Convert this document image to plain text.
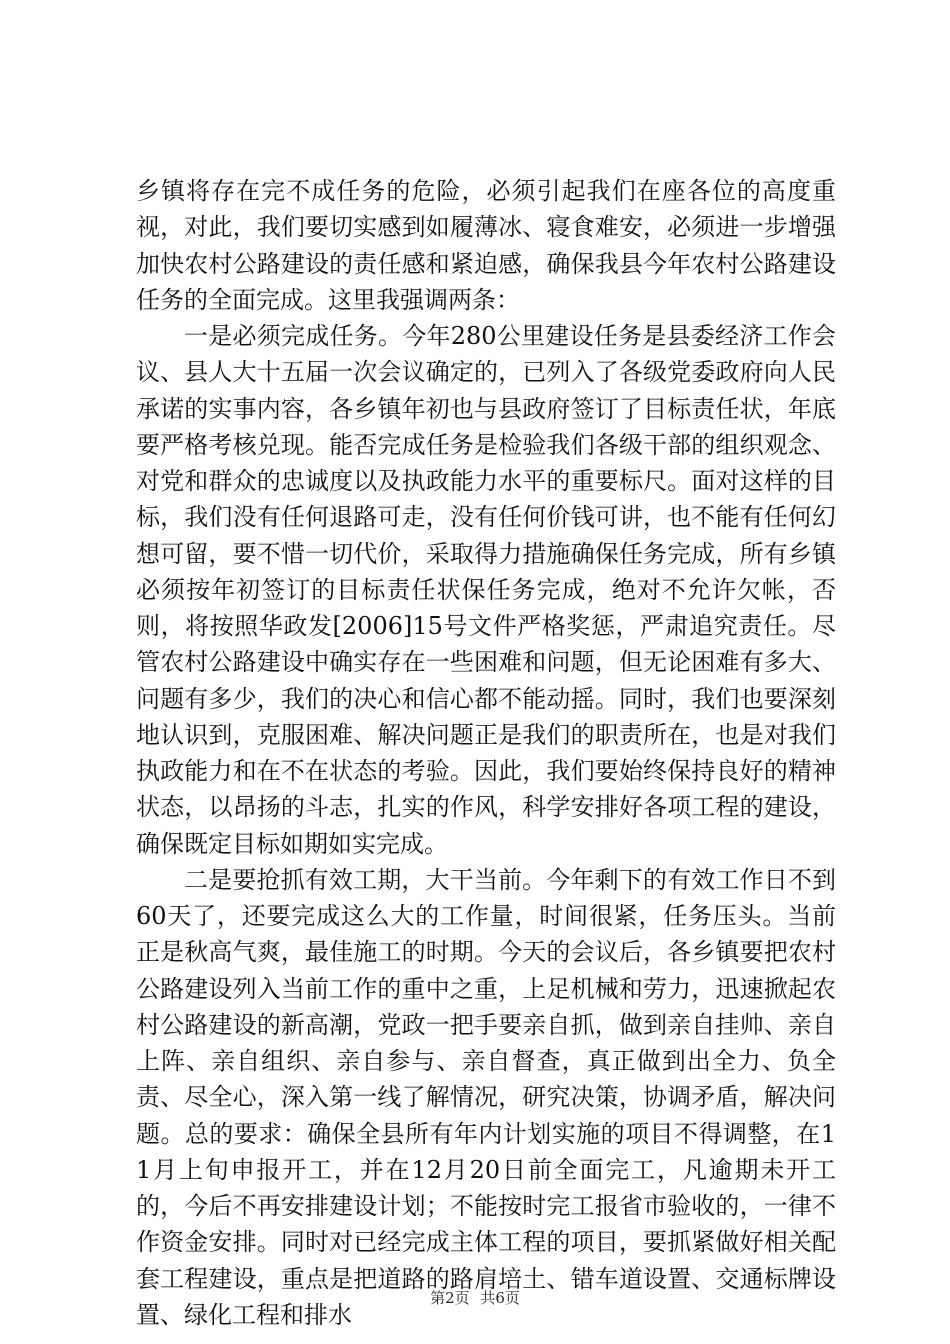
乡镇将存在完不成任务的危险，必须引起我们在座各位的高度重视，对此，我们要切实感到如履薄冰、寝食难安，必须进一步增强加快农村公路建设的责任感和紧迫感，确保我县今年农村公路建设任务的全面完成。这里我强调两条：

一是必须完成任务。今年280公里建设任务是县委经济工作会议、县人大十五届一次会议确定的，已列入了各级党委政府向人民承诺的实事内容，各乡镇年初也与县政府签订了目标责任状，年底要严格考核兑现。能否完成任务是检验我们各级干部的组织观念、对党和群众的忠诚度以及执政能力水平的重要标尺。面对这样的目标，我们没有任何退路可走，没有任何价钱可讲，也不能有任何幻想可留，要不惜一切代价，采取得力措施确保任务完成，所有乡镇必须按年初签订的目标责任状保任务完成，绝对不允许欠帐，否则，将按照华政发[2006]15号文件严格奖惩，严肃追究责任。尽管农村公路建设中确实存在一些困难和问题，但无论困难有多大、问题有多少，我们的决心和信心都不能动摇。同时，我们也要深刻地认识到，克服困难、解决问题正是我们的职责所在，也是对我们执政能力和在不在状态的考验。因此，我们要始终保持良好的精神状态，以昂扬的斗志，扎实的作风，科学安排好各项工程的建设，确保既定目标如期如实完成。

二是要抢抓有效工期，大干当前。今年剩下的有效工作日不到60天了，还要完成这么大的工作量，时间很紧，任务压头。当前正是秋高气爽，最佳施工的时期。今天的会议后，各乡镇要把农村公路建设列入当前工作的重中之重，上足机械和劳力，迅速掀起农村公路建设的新高潮，党政一把手要亲自抓，做到亲自挂帅、亲自上阵、亲自组织、亲自参与、亲自督查，真正做到出全力、负全责、尽全心，深入第一线了解情况，研究决策，协调矛盾，解决问题。总的要求：确保全县所有年内计划实施的项目不得调整，在11月上旬申报开工，并在12月20日前全面完工，凡逾期未开工的，今后不再安排建设计划；不能按时完工报省市验收的，一律不作资金安排。同时对已经完成主体工程的项目，要抓紧做好相关配套工程建设，重点是把道路的路肩培土、错车道设置、交通标牌设置、绿化工程和排水

第2页 共6页
